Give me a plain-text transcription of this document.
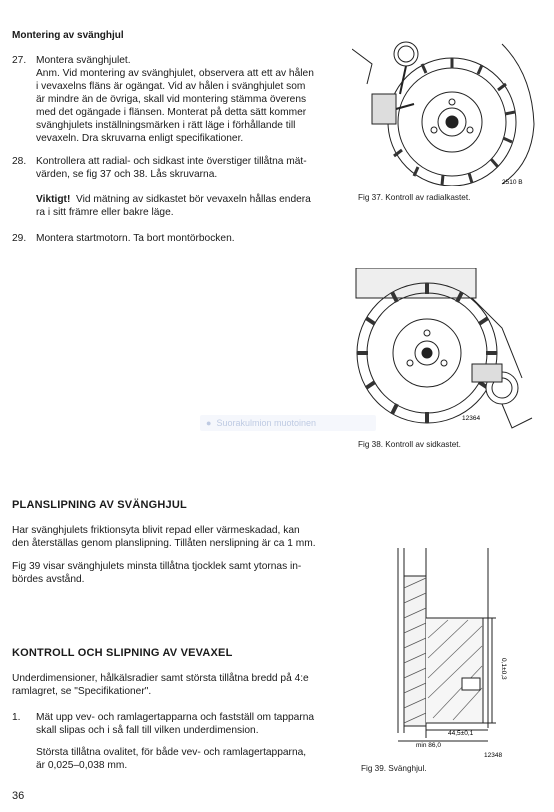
Montering av svänghjul
27. Montera svänghjulet.

Anm. Vid montering av svänghjulet, observera att ett av hålen

i vevaxelns fläns är ogängat. Vid av hålen i svänghjulet som

är mindre än de övriga, skall vid montering stämma överens

med det ogängade i flänsen. Monterat på detta sätt kommer

svänghjulets inställningsmärken i rätt läge i förhållande till

vevaxeln. Dra skruvarna enligt specifikationer.

28. Kontrollera att radial- och sidkast inte överstiger tillåtna mät-

värden, se fig 37 och 38. Lås skruvarna.

Viktigt! Vid mätning av sidkastet bör vevaxeln hållas endera

ra i sitt främre eller bakre läge.

29. Montera startmotorn. Ta bort montörbocken.
2510 B
Fig 37. Kontroll av radialkastet.
12364
Fig 38. Kontroll av sidkastet.
● Suorakulmion muotoinen
PLANSLIPNING AV SVÄNGHJUL

Har svänghjulets friktionsyta blivit repad eller värmeskadad, kan

den återställas genom planslipning. Tillåten nerslipning är ca 1 mm.

Fig 39 visar svänghjulets minsta tillåtna tjocklek samt ytornas in-

bördes avstånd.

KONTROLL OCH SLIPNING AV VEVAXEL

Underdimensioner, hålkälsradier samt största tillåtna bredd på 4:e

ramlagret, se "Specifikationer".

1. Mät upp vev- och ramlagertapparna och fastställ om tapparna

skall slipas och i så fall till vilken underdimension.

Största tillåtna ovalitet, för både vev- och ramlagertapparna,

är 0,025–0,038 mm.

44,5±0,1
min 86,0
0,1±0,3
12348
Fig 39. Svänghjul.
36
